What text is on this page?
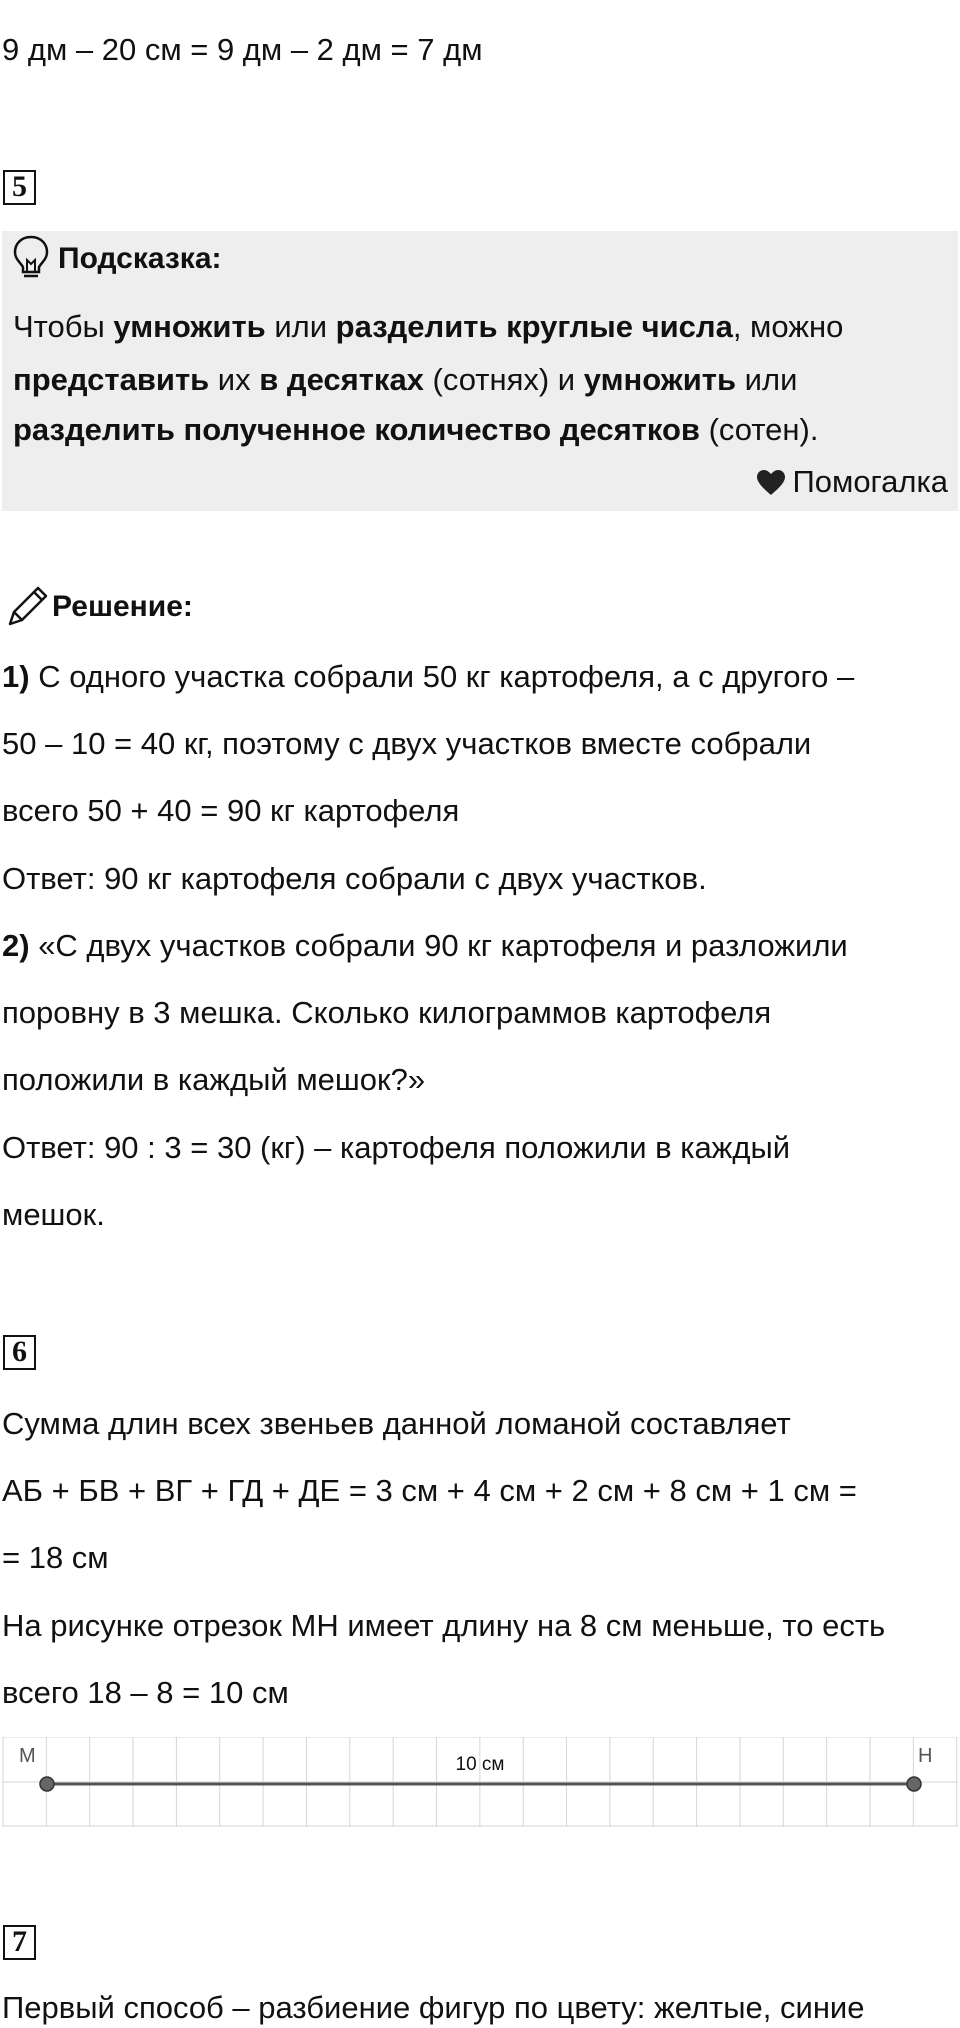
9 дм – 20 см = 9 дм – 2 дм = 7 дм
5
Подсказка:
Чтобы умножить или разделить круглые числа, можно
представить их в десятках (сотнях) и умножить или
разделить полученное количество десятков (сотен).
Помогалка
Решение:
1) С одного участка собрали 50 кг картофеля, а с другого –
50 – 10 = 40 кг, поэтому с двух участков вместе собрали
всего 50 + 40 = 90 кг картофеля
Ответ: 90 кг картофеля собрали с двух участков.
2) «С двух участков собрали 90 кг картофеля и разложили
поровну в 3 мешка. Сколько килограммов картофеля
положили в каждый мешок?»
Ответ: 90 : 3 = 30 (кг) – картофеля положили в каждый
мешок.
6
Сумма длин всех звеньев данной ломаной составляет
АБ + БВ + ВГ + ГД + ДЕ = 3 см + 4 см + 2 см + 8 см + 1 см =
= 18 см
На рисунке отрезок МН имеет длину на 8 см меньше, то есть
всего 18 – 8 = 10 см
M	H
10 см
7
Первый способ – разбиение фигур по цвету: желтые, синие
